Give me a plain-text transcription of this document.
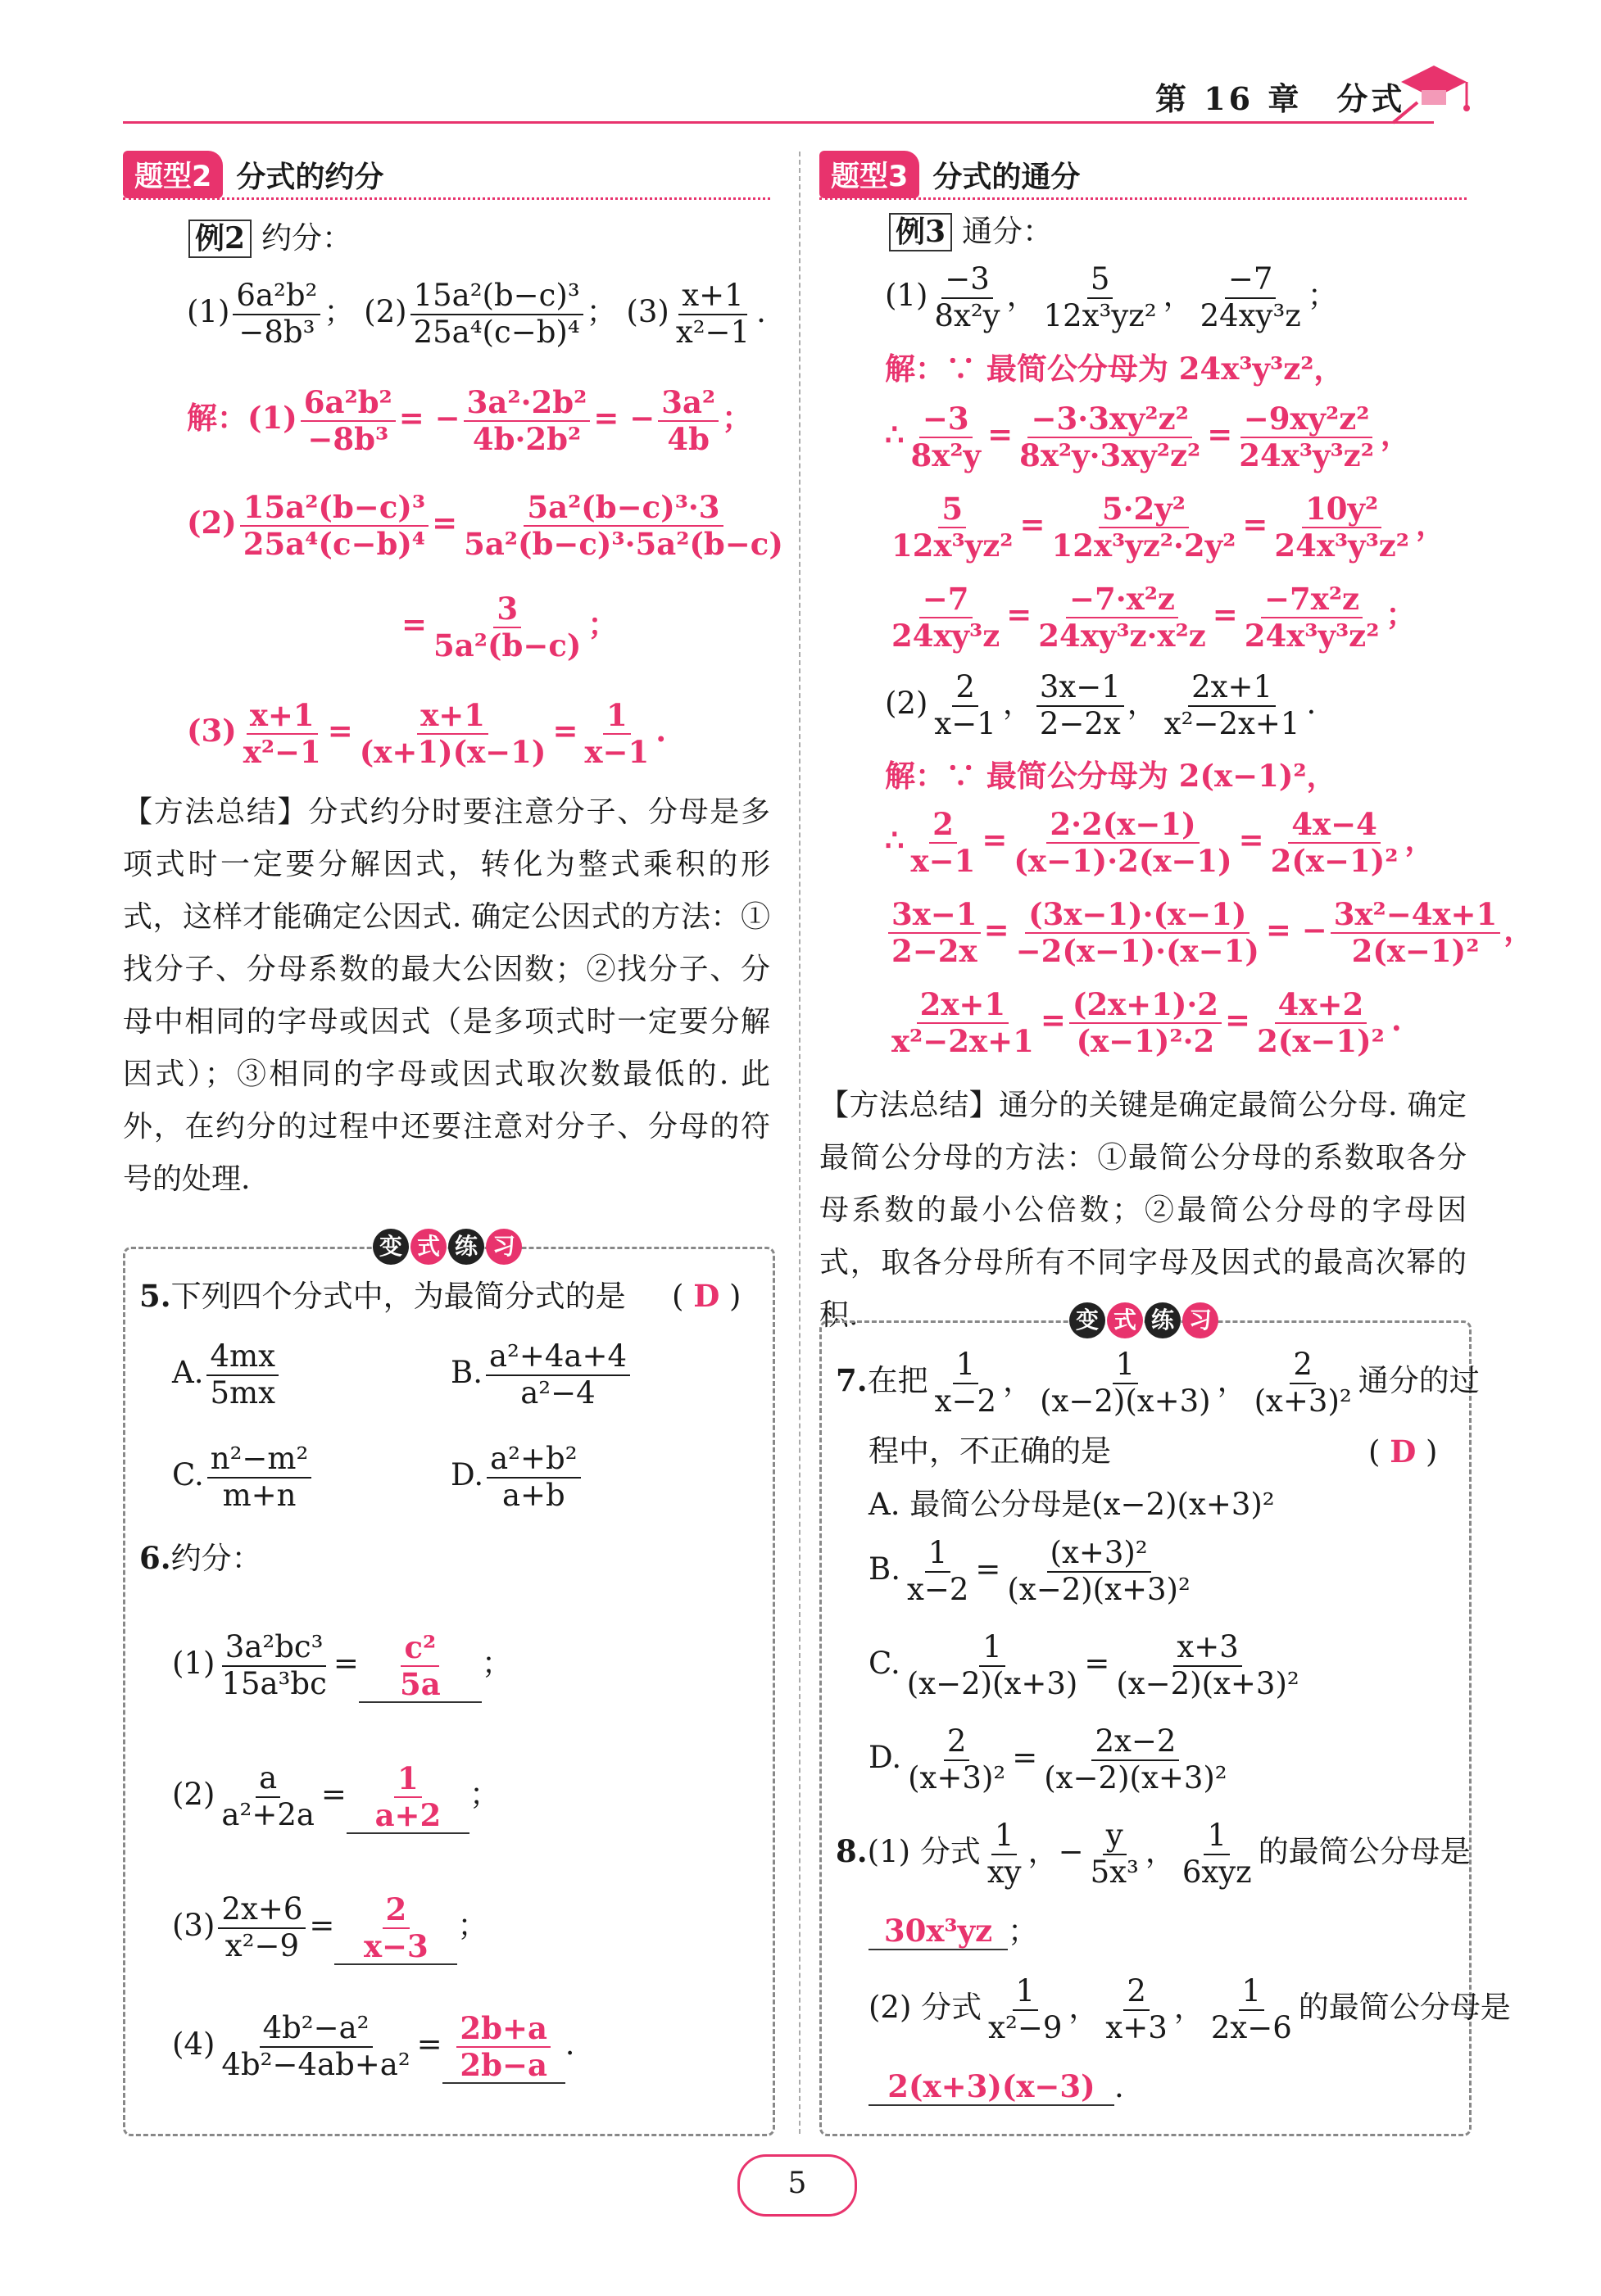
第 16 章　分式
题型2 分式的约分
例2 约分：
$(1) \frac{\text{6a²b²}}{\text{−8b³}}$ ； $(2) \frac{\text{15a²(b−c)³}}{\text{25a⁴(c−b)⁴}}$ ； $(3) \frac{x+1}{\text{x²−1}}$ .
解：$(1) \frac{\text{6a²b²}}{\text{−8b³}}$ = − $\frac{\text{3a²·2b²}}{\text{4b·2b²}}$ = − $\frac{\text{3a²}}{4b}$ ；
$(2) \frac{\text{15a²(b−c)³}}{\text{25a⁴(c−b)⁴}} = \frac{\text{5a²(b−c)³·3}}{\text{5a²(b−c)³·5a²(b−c)}}$
= $\frac{3}{\text{5a²(b−c)}}$ ；
$(3) \frac{x+1}{\text{x²−1}} = \frac{x+1}{(x+1)(x-1)} = \frac{1}{x-1}$ .
【方法总结】分式约分时要注意分子、分母是多项式时一定要分解因式，转化为整式乘积的形式，这样才能确定公因式. 确定公因式的方法：①找分子、分母系数的最大公因数；②找分子、分母中相同的字母或因式（是多项式时一定要分解因式）；③相同的字母或因式取次数最低的. 此外，在约分的过程中还要注意对分子、分母的符号的处理.
变 式 练 习
5.下列四个分式中，为最简分式的是 ( D )
A. $\frac{4mx}{5mx}$	B. $\frac{\text{a²+4a+4}}{\text{a²−4}}$
C. $\frac{\text{n²−m²}}{m+n}$	D. $\frac{\text{a²+b²}}{a+b}$
6.约分：
$(1) \frac{\text{3a²bc³}}{\text{15a³bc}} = \frac{\text{c²}}{5a}$ ；
$(2) \frac{a}{\text{a²+2a}} = \frac{1}{a+2}$ ；
$(3) \frac{2x+6}{\text{x²−9}} = \frac{2}{x-3}$ ；
$(4) \frac{\text{4b²−a²}}{\text{4b²−4ab+a²}} = \frac{2b+a}{2b-a}$ .
题型3 分式的通分
例3 通分：
$(1) \frac{-3}{\text{8x²y}}$ ， $\frac{5}{\text{12x³yz²}}$ ， $\frac{-7}{\text{24xy³z}}$ ；
解：∵ 最简公分母为 24x³y³z²，
∴ $\frac{-3}{\text{8x²y}} = \frac{\text{−3·3xy²z²}}{\text{8x²y·3xy²z²}} = \frac{\text{−9xy²z²}}{\text{24x³y³z²}}$ ，
$\frac{5}{\text{12x³yz²}} = \frac{\text{5·2y²}}{\text{12x³yz²·2y²}} = \frac{\text{10y²}}{\text{24x³y³z²}}$ ，
$\frac{-7}{\text{24xy³z}} = \frac{\text{−7·x²z}}{\text{24xy³z·x²z}} = \frac{\text{−7x²z}}{\text{24x³y³z²}}$ ；
$(2) \frac{2}{x-1}$ ， $\frac{3x-1}{2-2x}$ ， $\frac{2x+1}{\text{x²−2x+1}}$ .
解：∵ 最简公分母为 2(x−1)²，
∴ $\frac{2}{x-1} = \frac{2\cdot 2(x-1)}{(x-1)\cdot 2(x-1)} = \frac{4x-4}{\text{2(x−1)²}}$ ，
$\frac{3x-1}{2-2x} = \frac{(3x-1)\cdot(x-1)}{-2(x-1)\cdot(x-1)}$ = − $\frac{\text{3x²−4x+1}}{\text{2(x−1)²}}$ ，
$\frac{2x+1}{\text{x²−2x+1}} = \frac{(2x+1)\cdot 2}{\text{(x−1)²·2}} = \frac{4x+2}{\text{2(x−1)²}}$ .
【方法总结】通分的关键是确定最简公分母. 确定最简公分母的方法：①最简公分母的系数取各分母系数的最小公倍数；②最简公分母的字母因式，取各分母所有不同字母及因式的最高次幂的积.	变 式 练 习
7.在把 $\frac{1}{x-2}$ ， $\frac{1}{(x-2)(x+3)}$ ， $\frac{2}{\text{(x+3)²}}$ 通分的过
程中，不正确的是	( D )
A. 最简公分母是(x−2)(x+3)²
B. $\frac{1}{x-2} = \frac{\text{(x+3)²}}{\text{(x−2)(x+3)²}}$
C. $\frac{1}{(x-2)(x+3)} = \frac{x+3}{\text{(x−2)(x+3)²}}$
D. $\frac{2}{\text{(x+3)²}} = \frac{2x-2}{\text{(x−2)(x+3)²}}$
8.(1) 分式 $\frac{1}{xy}$ ，− $\frac{y}{\text{5x³}}$ ， 1
6xyz
的最简公分母是
30x³yz ；
(2) 分式 $\frac{1}{\text{x²−9}}$ ， $\frac{2}{x+3}$ ， $\frac{1}{2x-6}$ 的最简公分母是
2(x+3)(x−3) .
5
